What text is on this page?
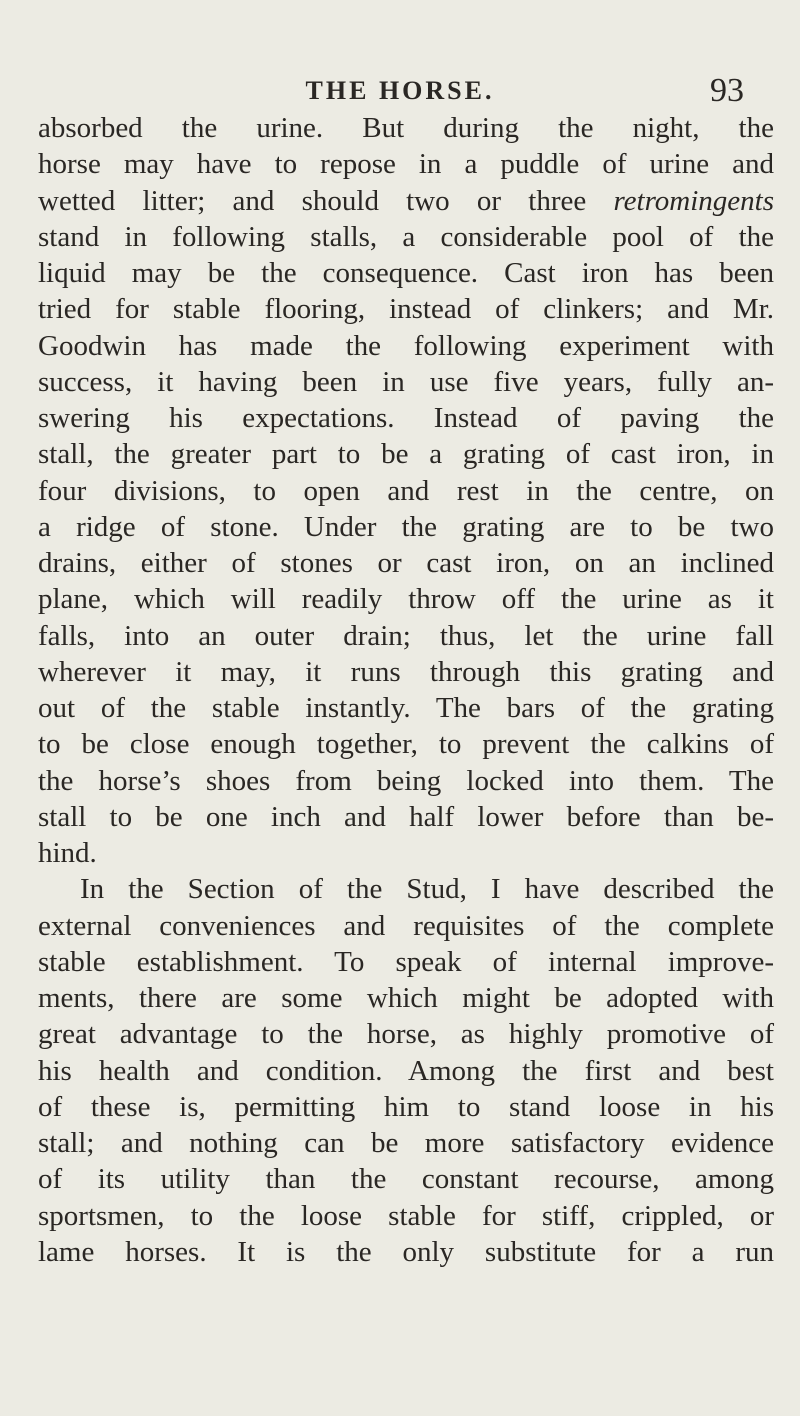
THE HORSE.	93
absorbed the urine. But during the night, the
horse may have to repose in a puddle of urine and
wetted litter; and should two or three retromingents
stand in following stalls, a considerable pool of the
liquid may be the consequence. Cast iron has been
tried for stable flooring, instead of clinkers; and Mr.
Goodwin has made the following experiment with
success, it having been in use five years, fully an-
swering his expectations. Instead of paving the
stall, the greater part to be a grating of cast iron, in
four divisions, to open and rest in the centre, on
a ridge of stone. Under the grating are to be two
drains, either of stones or cast iron, on an inclined
plane, which will readily throw off the urine as it
falls, into an outer drain; thus, let the urine fall
wherever it may, it runs through this grating and
out of the stable instantly. The bars of the grating
to be close enough together, to prevent the calkins of
the horse’s shoes from being locked into them. The
stall to be one inch and half lower before than be-
hind.
In the Section of the Stud, I have described the
external conveniences and requisites of the complete
stable establishment. To speak of internal improve-
ments, there are some which might be adopted with
great advantage to the horse, as highly promotive of
his health and condition. Among the first and best
of these is, permitting him to stand loose in his
stall; and nothing can be more satisfactory evidence
of its utility than the constant recourse, among
sportsmen, to the loose stable for stiff, crippled, or
lame horses. It is the only substitute for a run
